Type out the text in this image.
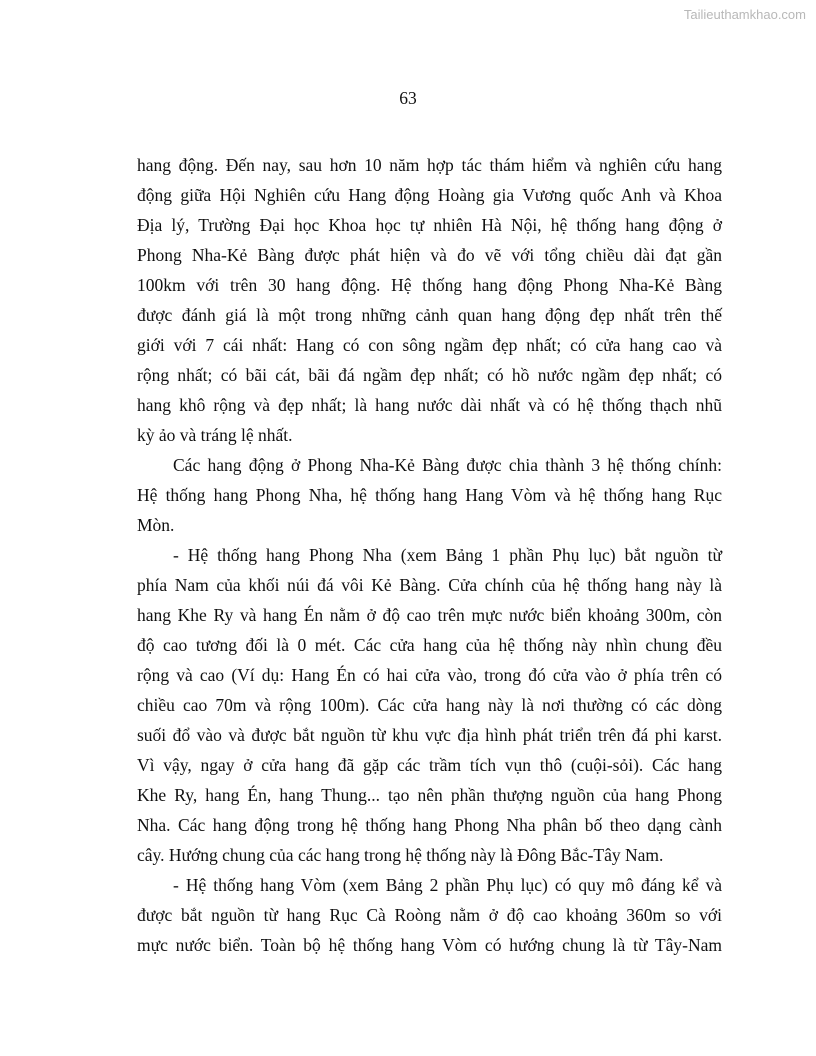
Tailieuthamkhao.com
63
hang động. Đến nay, sau hơn 10 năm hợp tác thám hiểm và nghiên cứu hang
động giữa Hội Nghiên cứu Hang động Hoàng gia Vương quốc Anh và Khoa
Địa lý, Trường Đại học Khoa học tự nhiên Hà Nội, hệ thống hang động ở
Phong Nha-Kẻ Bàng được phát hiện và đo vẽ với tổng chiều dài đạt gần
100km với trên 30 hang động. Hệ thống hang động Phong Nha-Kẻ Bàng
được đánh giá là một trong những cảnh quan hang động đẹp nhất trên thế
giới với 7 cái nhất: Hang có con sông ngầm đẹp nhất; có cửa hang cao và
rộng nhất; có bãi cát, bãi đá ngầm đẹp nhất; có hồ nước ngầm đẹp nhất; có
hang khô rộng và đẹp nhất; là hang nước dài nhất và có hệ thống thạch nhũ
kỳ ảo và tráng lệ nhất.
Các hang động ở Phong Nha-Kẻ Bàng được chia thành 3 hệ thống chính:
Hệ thống hang Phong Nha, hệ thống hang Hang Vòm và hệ thống hang Rục
Mòn.
- Hệ thống hang Phong Nha (xem Bảng 1 phần Phụ lục) bắt nguồn từ
phía Nam của khối núi đá vôi Kẻ Bàng. Cửa chính của hệ thống hang này là
hang Khe Ry và hang Én nằm ở độ cao trên mực nước biển khoảng 300m, còn
độ cao tương đối là 0 mét. Các cửa hang của hệ thống này nhìn chung đều
rộng và cao (Ví dụ: Hang Én có hai cửa vào, trong đó cửa vào ở phía trên có
chiều cao 70m và rộng 100m). Các cửa hang này là nơi thường có các dòng
suối đổ vào và được bắt nguồn từ khu vực địa hình phát triển trên đá phi karst.
Vì vậy, ngay ở cửa hang đã gặp các trầm tích vụn thô (cuội-sỏi). Các hang
Khe Ry, hang Én, hang Thung... tạo nên phần thượng nguồn của hang Phong
Nha. Các hang động trong hệ thống hang Phong Nha phân bố theo dạng cành
cây. Hướng chung của các hang trong hệ thống này là Đông Bắc-Tây Nam.
- Hệ thống hang Vòm (xem Bảng 2 phần Phụ lục) có quy mô đáng kể và
được bắt nguồn từ hang Rục Cà Roòng nằm ở độ cao khoảng 360m so với
mực nước biển. Toàn bộ hệ thống hang Vòm có hướng chung là từ Tây-Nam
